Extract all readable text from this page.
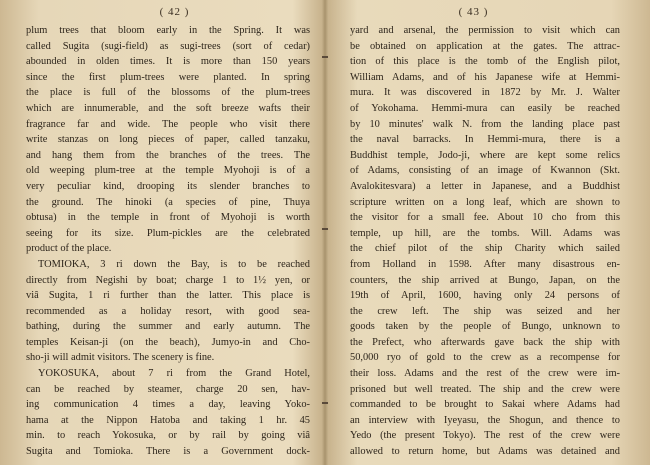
( 42 )
plum trees that bloom early in the Spring. It was
called Sugita (sugi-field) as sugi-trees (sort of cedar)
abounded in olden times. It is more than 150 years
since the first plum-trees were planted. In spring
the place is full of the blossoms of the plum-trees
which are innumerable, and the soft breeze wafts their
fragrance far and wide. The people who visit there
write stanzas on long pieces of paper, called tanzaku,
and hang them from the branches of the trees. The
old weeping plum-tree at the temple Myohoji is of a
very peculiar kind, drooping its slender branches to
the ground. The hinoki (a species of pine, Thuya
obtusa) in the temple in front of Myohoji is worth
seeing for its size. Plum-pickles are the celebrated
product of the place.
TOMIOKA, 3 ri down the Bay, is to be reached
directly from Negishi by boat; charge 1 to 1½ yen, or
viâ Sugita, 1 ri further than the latter. This place is
recommended as a holiday resort, with good sea-
bathing, during the summer and early autumn. The
temples Keisan-ji (on the beach), Jumyo-in and Cho-
sho-ji will admit visitors. The scenery is fine.
YOKOSUKA, about 7 ri from the Grand Hotel,
can be reached by steamer, charge 20 sen, hav-
ing communication 4 times a day, leaving Yoko-
hama at the Nippon Hatoba and taking 1 hr. 45
min. to reach Yokosuka, or by rail by going viâ
Sugita and Tomioka. There is a Government dock-
( 43 )
yard and arsenal, the permission to visit which can
be obtained on application at the gates. The attrac-
tion of this place is the tomb of the English pilot,
William Adams, and of his Japanese wife at Hemmi-
mura. It was discovered in 1872 by Mr. J. Walter
of Yokohama. Hemmi-mura can easily be reached
by 10 minutes' walk N. from the landing place past
the naval barracks. In Hemmi-mura, there is a
Buddhist temple, Jodo-ji, where are kept some relics
of Adams, consisting of an image of Kwannon (Skt.
Avalokitesvara) a letter in Japanese, and a Buddhist
scripture written on a long leaf, which are shown to
the visitor for a small fee. About 10 cho from this
temple, up hill, are the tombs. Will. Adams was
the chief pilot of the ship Charity which sailed
from Holland in 1598. After many disastrous en-
counters, the ship arrived at Bungo, Japan, on the
19th of April, 1600, having only 24 persons of
the crew left. The ship was seized and her
goods taken by the people of Bungo, unknown to
the Prefect, who afterwards gave back the ship with
50,000 ryo of gold to the crew as a recompense for
their loss. Adams and the rest of the crew were im-
prisoned but well treated. The ship and the crew were
commanded to be brought to Sakai where Adams had
an interview with Iyeyasu, the Shogun, and thence to
Yedo (the present Tokyo). The rest of the crew were
allowed to return home, but Adams was detained and
